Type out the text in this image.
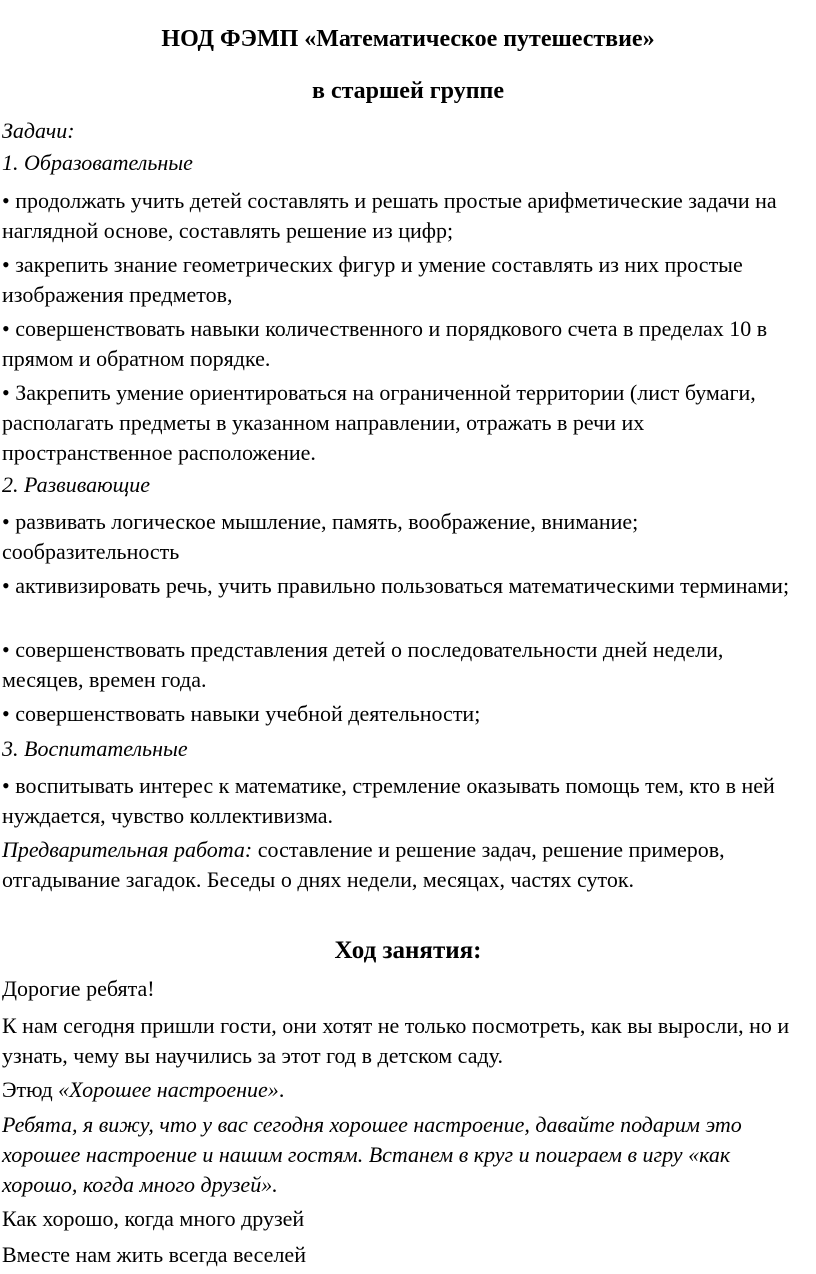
НОД ФЭМП «Математическое путешествие»
в старшей группе

Задачи:

1. Образовательные

• продолжать учить детей составлять и решать простые арифметические задачи на наглядной основе, составлять решение из цифр;

• закрепить знание геометрических фигур и умение составлять из них простые изображения предметов,

• совершенствовать навыки количественного и порядкового счета в пределах 10 в прямом и обратном порядке.

• Закрепить умение ориентироваться на ограниченной территории (лист бумаги, располагать предметы в указанном направлении, отражать в речи их пространственное расположение.

2. Развивающие

• развивать логическое мышление, память, воображение, внимание; сообразительность

• активизировать речь, учить правильно пользоваться математическими терминами;

• совершенствовать представления детей о последовательности дней недели, месяцев, времен года.

• совершенствовать навыки учебной деятельности;

3. Воспитательные

• воспитывать интерес к математике, стремление оказывать помощь тем, кто в ней нуждается, чувство коллективизма.

Предварительная работа: составление и решение задач, решение примеров, отгадывание загадок. Беседы о днях недели, месяцах, частях суток.

Ход занятия:

Дорогие ребята!

К нам сегодня пришли гости, они хотят не только посмотреть, как вы выросли, но и узнать, чему вы научились за этот год в детском саду.

Этюд «Хорошее настроение».

Ребята, я вижу, что у вас сегодня хорошее настроение, давайте подарим это хорошее настроение и нашим гостям. Встанем в круг и поиграем в игру «как хорошо, когда много друзей».

Как хорошо, когда много друзей

Вместе нам жить всегда веселей
